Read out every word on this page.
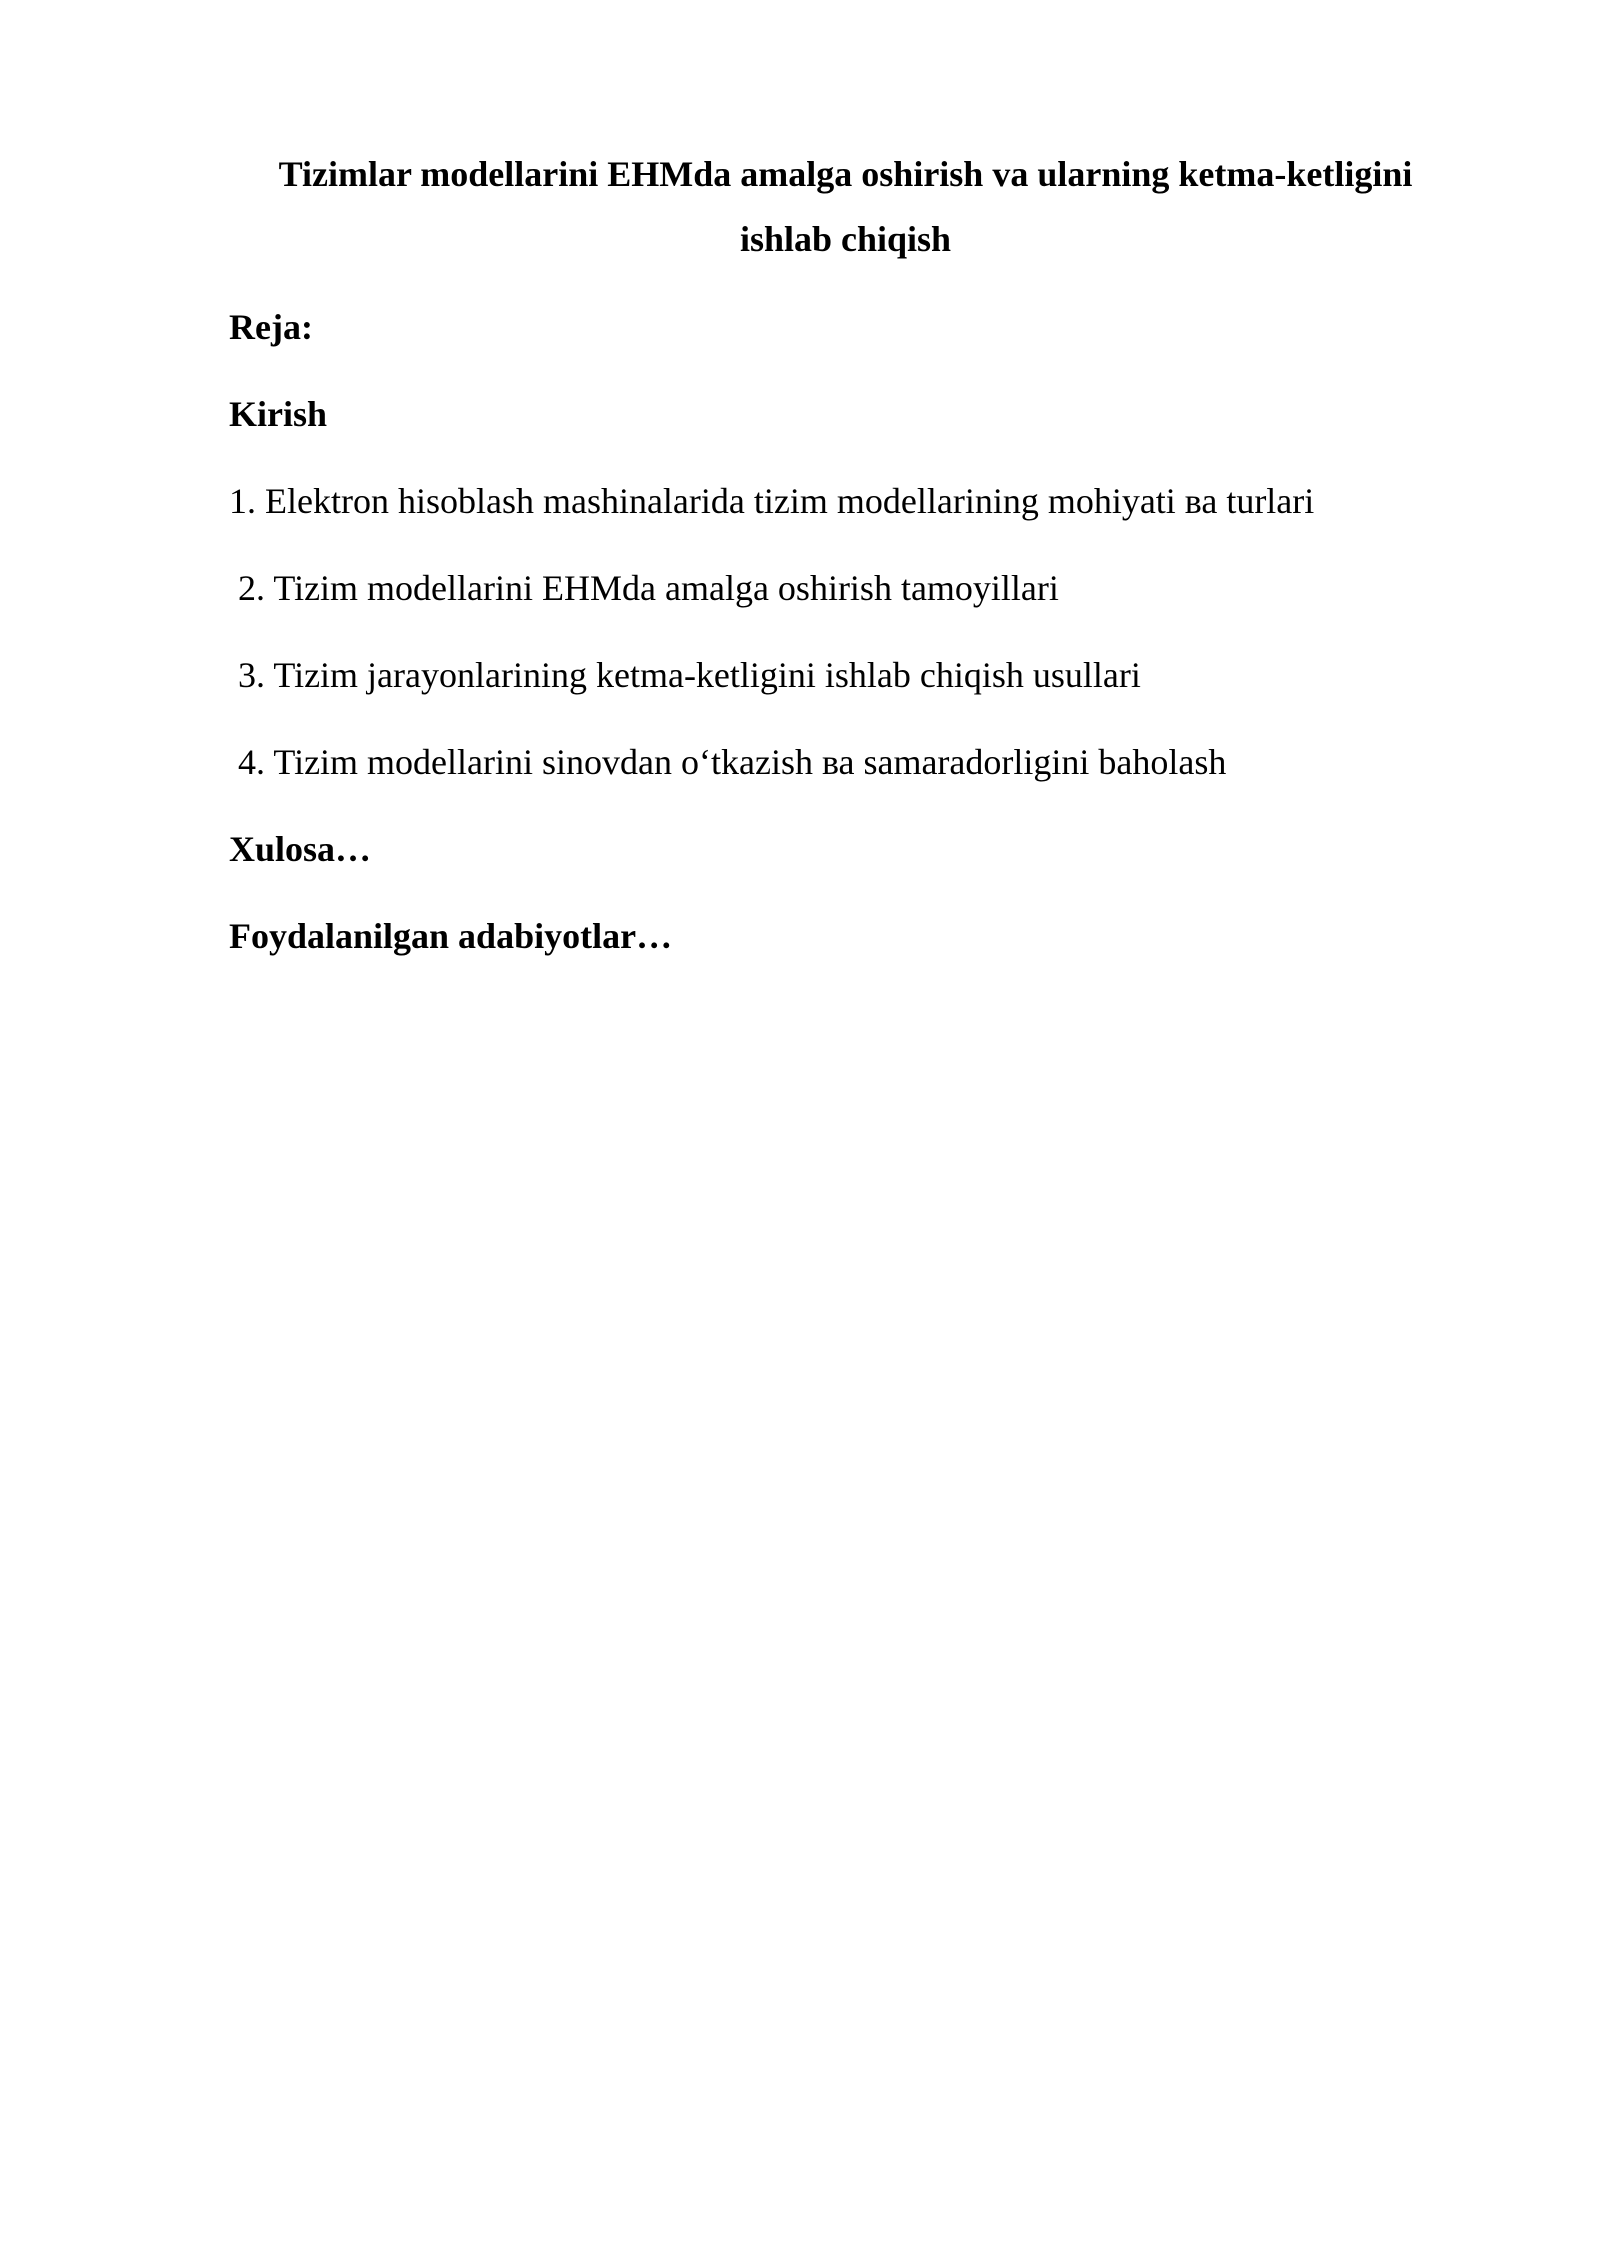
Tizimlar modellarini EHMda amalga oshirish va ularning ketma-ketligini
ishlab chiqish

Reja:

Kirish

1. Elektron hisoblash mashinalarida tizim modellarining mohiyati ва turlari

2. Tizim modellarini EHMda amalga oshirish tamoyillari

3. Tizim jarayonlarining ketma-ketligini ishlab chiqish usullari

4. Tizim modellarini sinovdan o‘tkazish ва samaradorligini baholash

Xulosa…

Foydalanilgan adabiyotlar…
